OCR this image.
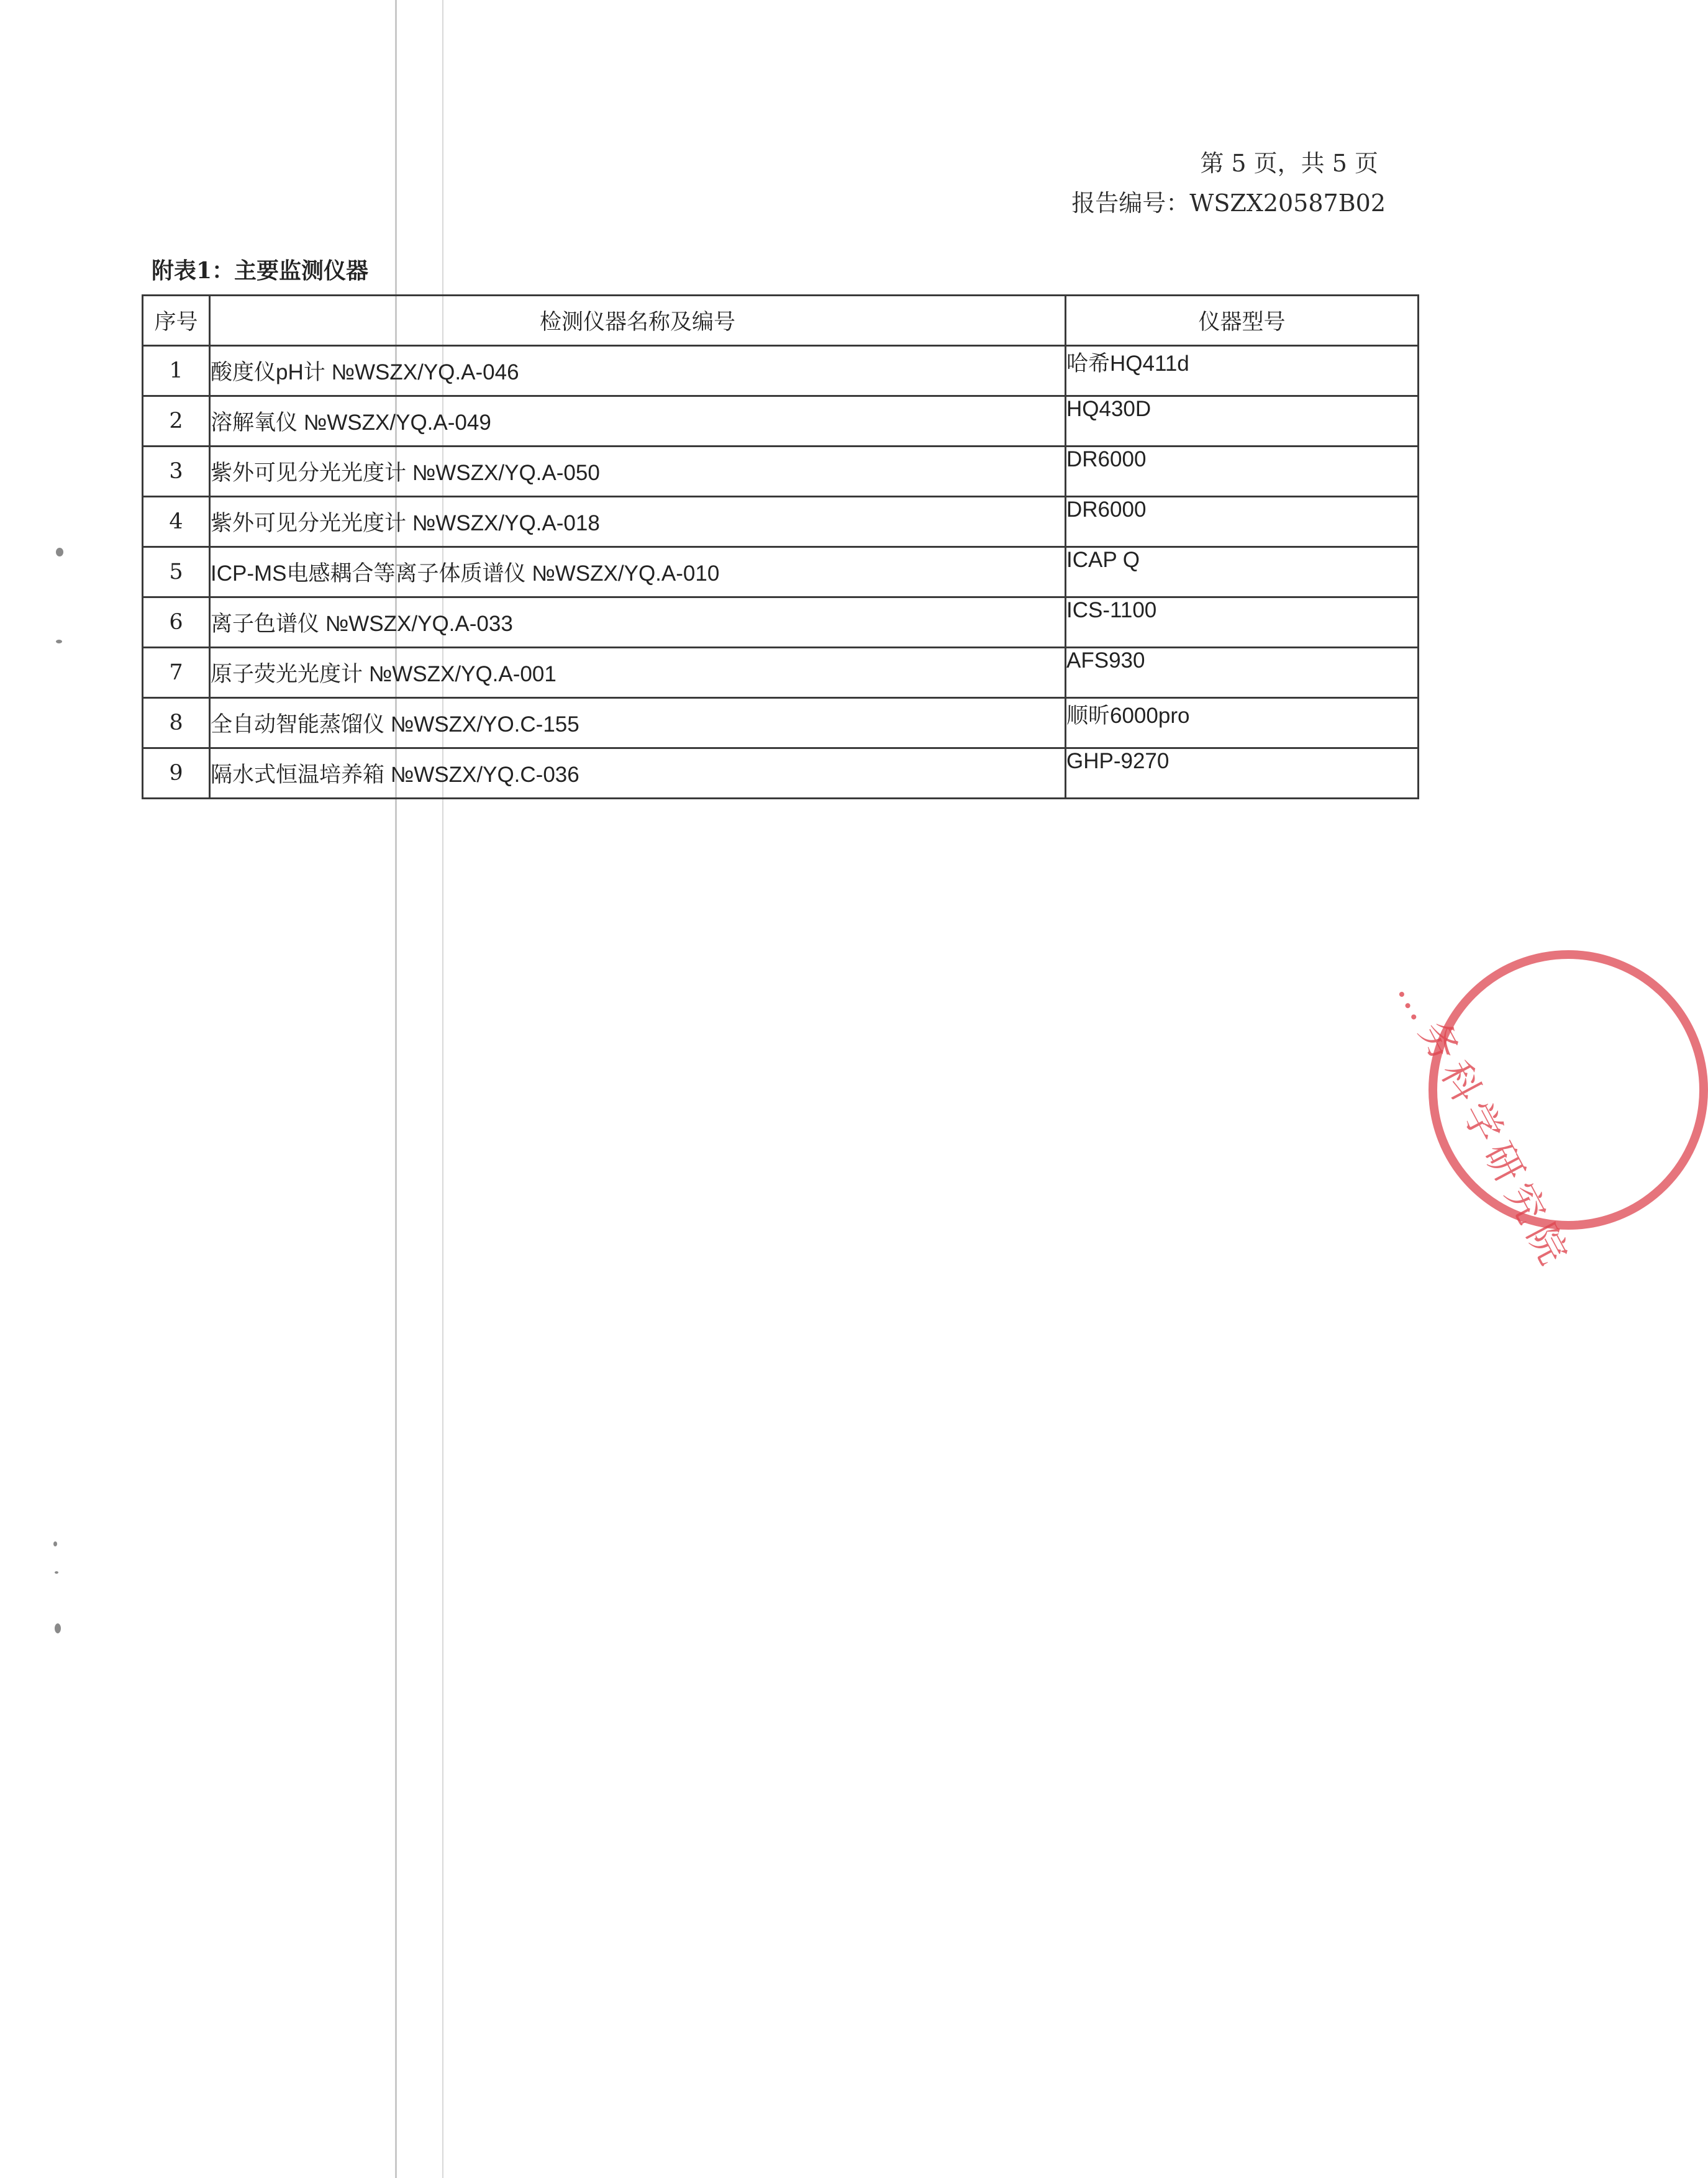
第 5 页，共 5 页
报告编号：WSZX20587B02
附表1：主要监测仪器
序号	检测仪器名称及编号	仪器型号
1	酸度仪pH计 №WSZX/YQ.A-046	哈希HQ411d
2	溶解氧仪 №WSZX/YQ.A-049	HQ430D
3	紫外可见分光光度计 №WSZX/YQ.A-050	DR6000
4	紫外可见分光光度计 №WSZX/YQ.A-018	DR6000
5	ICP-MS电感耦合等离子体质谱仪 №WSZX/YQ.A-010	ICAP Q
6	离子色谱仪 №WSZX/YQ.A-033	ICS-1100
7	原子荧光光度计 №WSZX/YQ.A-001	AFS930
8	全自动智能蒸馏仪 №WSZX/YO.C-155	顺昕6000pro
9	隔水式恒温培养箱 №WSZX/YQ.C-036	GHP-9270
…务科学研究院
